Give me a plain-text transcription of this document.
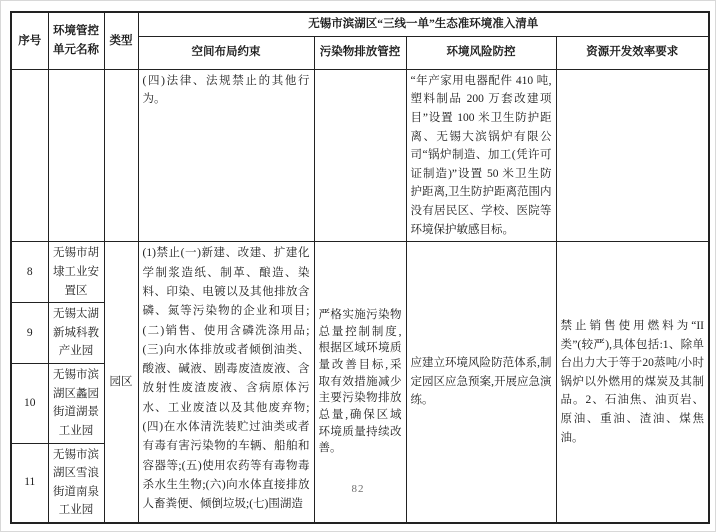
序号	环境管控单元名称	类型	无锡市滨湖区“三线一单”生态准环境准入清单			
			空间布局约束	污染物排放管控	环境风险防控	资源开发效率要求
			(四)法律、法规禁止的其他行为。		“年产家用电器配件 410 吨,塑料制品 200 万套改建项目”设置 100 米卫生防护距离、无锡大滨锅炉有限公司“锅炉制造、加工(凭许可证制造)”设置 50 米卫生防护距离,卫生防护距离范围内没有居民区、学校、医院等环境保护敏感目标。	
8	无锡市胡埭工业安置区	园区	(1)禁止(一)新建、改建、扩建化学制浆造纸、制革、酿造、染料、印染、电镀以及其他排放含磷、氮等污染物的企业和项目;(二)销售、使用含磷洗涤用品;(三)向水体排放或者倾倒油类、酸液、碱液、剧毒废渣废液、含放射性废渣废液、含病原体污水、工业废渣以及其他废弃物;(四)在水体清洗装贮过油类或者有毒有害污染物的车辆、船舶和容器等;(五)使用农药等有毒物毒杀水生生物;(六)向水体直接排放人畜粪便、倾倒垃圾;(七)围湖造	严格实施污染物总量控制制度,根据区域环境质量改善目标,采取有效措施减少主要污染物排放总量,确保区域环境质量持续改善。	应建立环境风险防范体系,制定园区应急预案,开展应急演练。	禁止销售使用燃料为“II类”(较严),具体包括:1、除单台出力大于等于20蒸吨/小时锅炉以外燃用的煤炭及其制品。2、石油焦、油页岩、原油、重油、渣油、煤焦油。
9	无锡太湖新城科教产业园					
10	无锡市滨湖区蠡园街道湖景工业园					
11	无锡市滨湖区雪浪街道南泉工业园					
82
